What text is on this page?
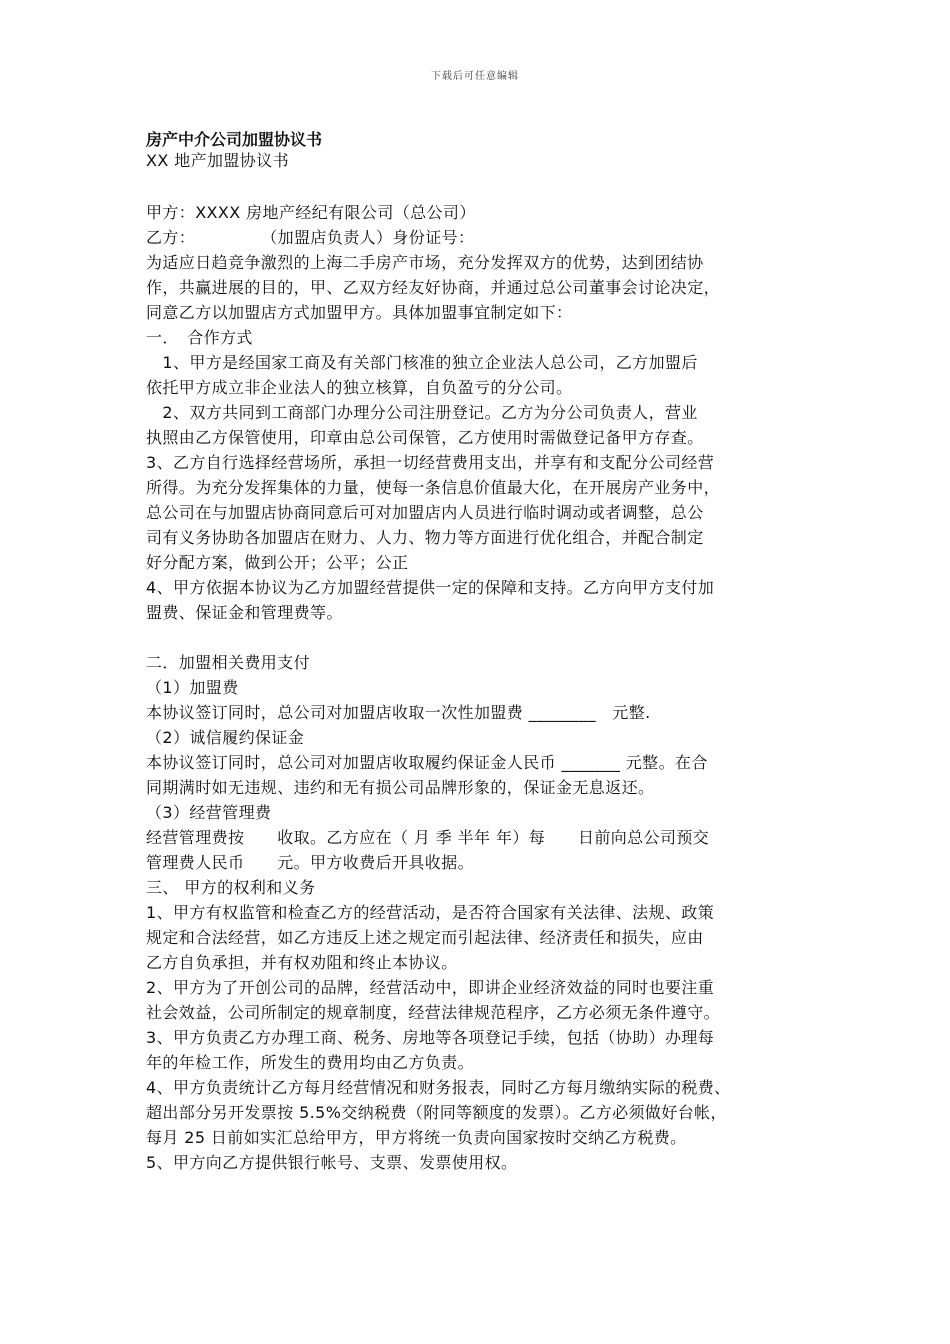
下载后可任意编辑
房产中介公司加盟协议书
XX 地产加盟协议书
甲方：XXXX 房地产经纪有限公司（总公司）
乙方：　　　　　（加盟店负责人）身份证号：
为适应日趋竞争激烈的上海二手房产市场，充分发挥双方的优势，达到团结协
作，共赢进展的目的，甲、乙双方经友好协商，并通过总公司董事会讨论决定，
同意乙方以加盟店方式加盟甲方。具体加盟事宜制定如下：
一．　合作方式
　1、甲方是经国家工商及有关部门核准的独立企业法人总公司，乙方加盟后
依托甲方成立非企业法人的独立核算，自负盈亏的分公司。
　2、双方共同到工商部门办理分公司注册登记。乙方为分公司负责人，营业
执照由乙方保管使用，印章由总公司保管，乙方使用时需做登记备甲方存查。
3、乙方自行选择经营场所，承担一切经营费用支出，并享有和支配分公司经营
所得。为充分发挥集体的力量，使每一条信息价值最大化，在开展房产业务中，
总公司在与加盟店协商同意后可对加盟店内人员进行临时调动或者调整，总公
司有义务协助各加盟店在财力、人力、物力等方面进行优化组合，并配合制定
好分配方案，做到公开；公平；公正
4、甲方依据本协议为乙方加盟经营提供一定的保障和支持。乙方向甲方支付加
盟费、保证金和管理费等。
二．加盟相关费用支付
（1）加盟费
本协议签订同时，总公司对加盟店收取一次性加盟费 ________　元整.
（2）诚信履约保证金
本协议签订同时，总公司对加盟店收取履约保证金人民币 _______ 元整。在合
同期满时如无违规、违约和无有损公司品牌形象的，保证金无息返还。
（3）经营管理费
经营管理费按　　收取。乙方应在（ 月 季 半年 年）每　　日前向总公司预交
管理费人民币　　元。甲方收费后开具收据。
三、 甲方的权利和义务
1、甲方有权监管和检查乙方的经营活动，是否符合国家有关法律、法规、政策
规定和合法经营，如乙方违反上述之规定而引起法律、经济责任和损失，应由
乙方自负承担，并有权劝阻和终止本协议。
2、甲方为了开创公司的品牌，经营活动中，即讲企业经济效益的同时也要注重
社会效益，公司所制定的规章制度，经营法律规范程序，乙方必须无条件遵守。
3、甲方负责乙方办理工商、税务、房地等各项登记手续，包括（协助）办理每
年的年检工作，所发生的费用均由乙方负责。
4、甲方负责统计乙方每月经营情况和财务报表，同时乙方每月缴纳实际的税费、
超出部分另开发票按 5.5%交纳税费（附同等额度的发票）。乙方必须做好台帐，
每月 25 日前如实汇总给甲方，甲方将统一负责向国家按时交纳乙方税费。
5、甲方向乙方提供银行帐号、支票、发票使用权。
